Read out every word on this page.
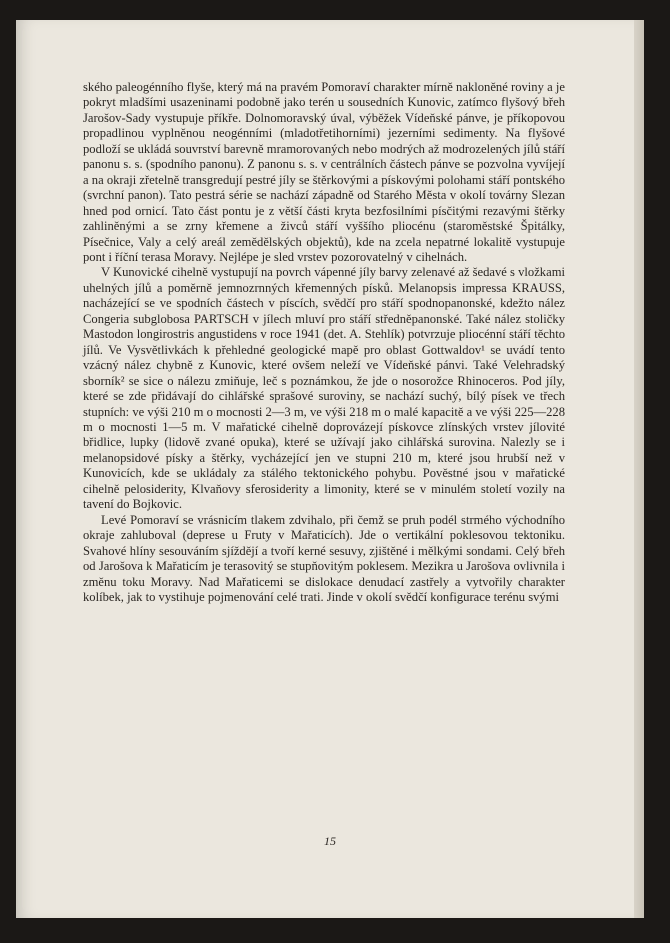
ského paleogénního flyše, který má na pravém Pomoraví charakter mírně nakloněné roviny a je pokryt mladšími usazeninami podobně jako terén u sousedních Kunovic, zatímco flyšový břeh Jarošov-Sady vystupuje příkře. Dolnomoravský úval, výběžek Vídeňské pánve, je příkopovou propadlinou vyplněnou neogénními (mladotřetihorními) jezerními sedimenty. Na flyšové podloží se ukládá souvrství barevně mramorovaných nebo modrých až modrozelených jílů stáří panonu s. s. (spodního panonu). Z panonu s. s. v centrálních částech pánve se pozvolna vyvíjejí a na okraji zřetelně transgredují pestré jíly se štěrkovými a pískovými polohami stáří pontského (svrchní panon). Tato pestrá série se nachází západně od Starého Města v okolí továrny Slezan hned pod ornicí. Tato část pontu je z větší části kryta bezfosilními písčitými rezavými štěrky zahliněnými a se zrny křemene a živců stáří vyššího pliocénu (staroměstské Špitálky, Písečnice, Valy a celý areál zemědělských objektů), kde na zcela nepatrné lokalitě vystupuje pont i říční terasa Moravy. Nejlépe je sled vrstev pozorovatelný v cihelnách.

V Kunovické cihelně vystupují na povrch vápenné jíly barvy zelenavé až šedavé s vložkami uhelných jílů a poměrně jemnozrnných křemenných písků. Melanopsis impressa KRAUSS, nacházející se ve spodních částech v píscích, svědčí pro stáří spodnopanonské, kdežto nález Congeria subglobosa PARTSCH v jílech mluví pro stáří středněpanonské. Také nález stoličky Mastodon longirostris angustidens v roce 1941 (det. A. Stehlík) potvrzuje pliocénní stáří těchto jílů. Ve Vysvětlivkách k přehledné geologické mapě pro oblast Gottwaldov¹ se uvádí tento vzácný nález chybně z Kunovic, které ovšem neleží ve Vídeňské pánvi. Také Velehradský sborník² se sice o nálezu zmiňuje, leč s poznámkou, že jde o nosorožce Rhinoceros. Pod jíly, které se zde přidávají do cihlářské sprašové suroviny, se nachází suchý, bílý písek ve třech stupních: ve výši 210 m o mocnosti 2—3 m, ve výši 218 m o malé kapacitě a ve výši 225—228 m o mocnosti 1—5 m. V mařatické cihelně doprovázejí pískovce zlínských vrstev jílovité břidlice, lupky (lidově zvané opuka), které se užívají jako cihlářská surovina. Nalezly se i melanopsidové písky a štěrky, vycházející jen ve stupni 210 m, které jsou hrubší než v Kunovicích, kde se ukládaly za stálého tektonického pohybu. Pověstné jsou v mařatické cihelně pelosiderity, Klvaňovy sferosiderity a limonity, které se v minulém století vozily na tavení do Bojkovic.

Levé Pomoraví se vrásnicím tlakem zdvihalo, při čemž se pruh podél strmého východního okraje zahluboval (deprese u Fruty v Mařaticích). Jde o vertikální poklesovou tektoniku. Svahové hlíny sesouváním sjíždějí a tvoří kerné sesuvy, zjištěné i mělkými sondami. Celý břeh od Jarošova k Mařaticím je terasovitý se stupňovitým poklesem. Mezikra u Jarošova ovlivnila i změnu toku Moravy. Nad Mařaticemi se dislokace denudací zastřely a vytvořily charakter kolíbek, jak to vystihuje pojmenování celé trati. Jinde v okolí svědčí konfigurace terénu svými

15
